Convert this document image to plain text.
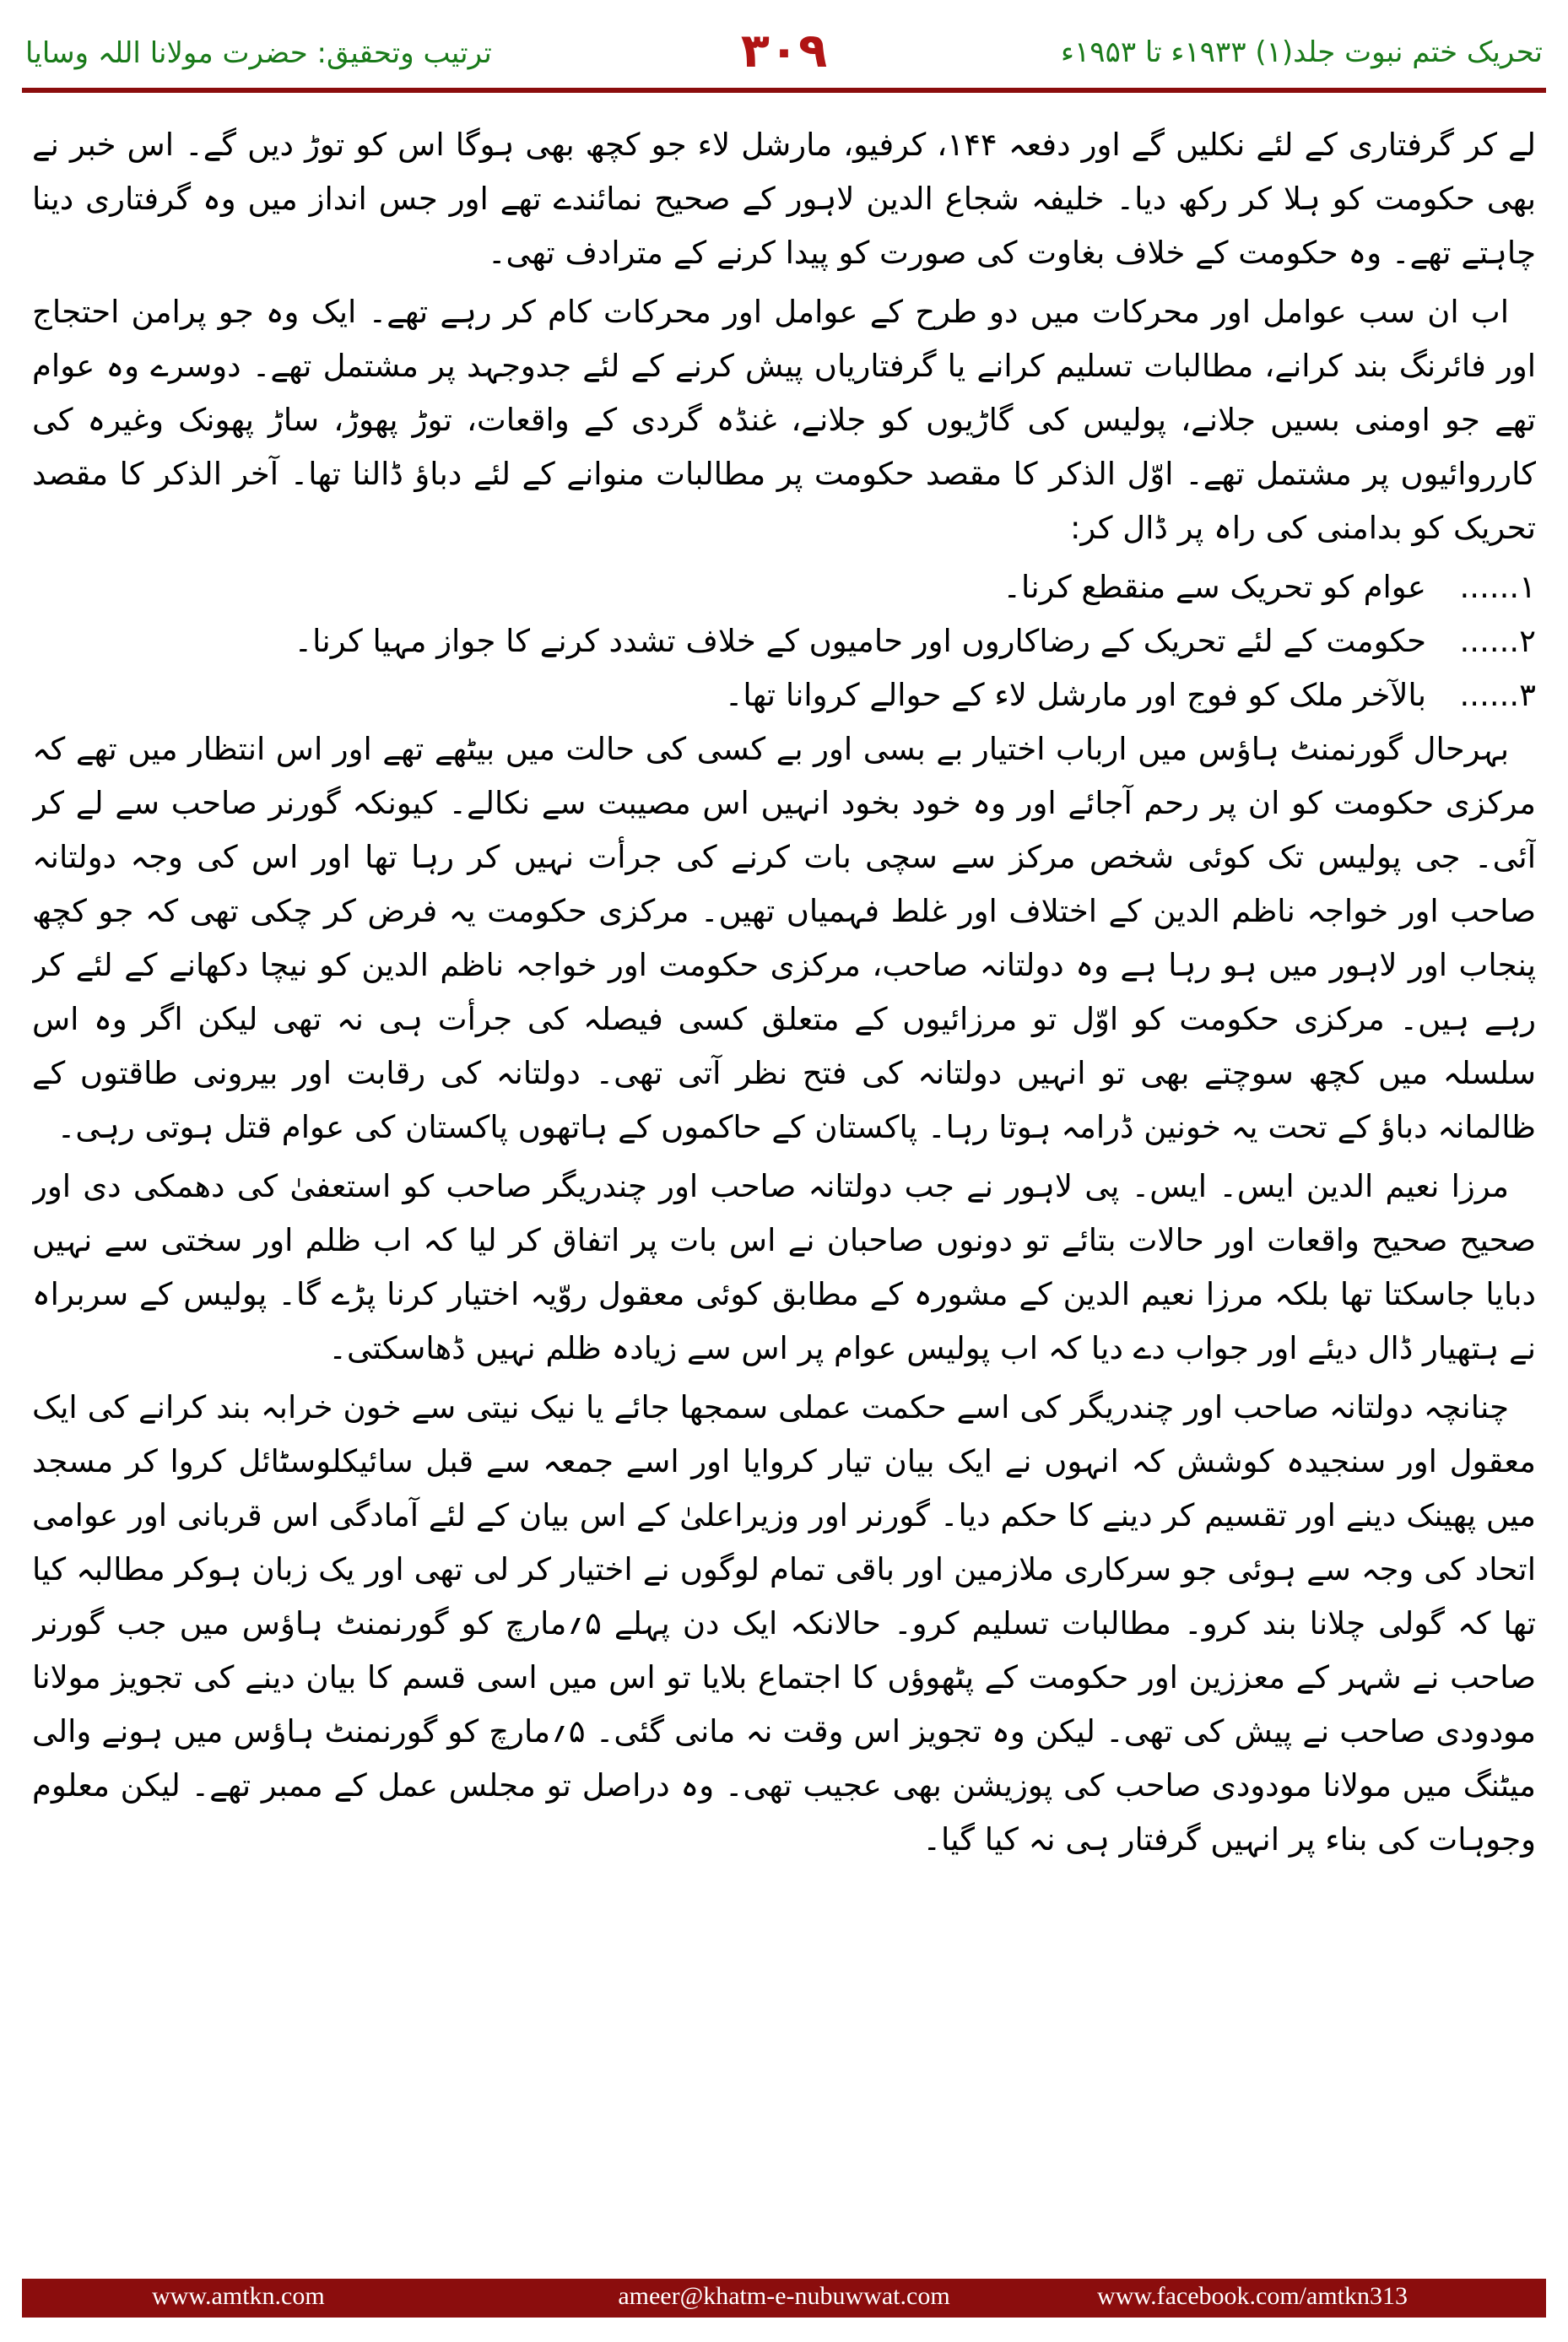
ترتیب وتحقیق: حضرت مولانا اللہ وسایا	۳۰۹	تحریک ختم نبوت جلد(۱) ۱۹۳۳ء تا ۱۹۵۳ء

لے کر گرفتاری کے لئے نکلیں گے اور دفعہ ۱۴۴، کرفیو، مارشل لاء جو کچھ بھی ہوگا اس کو توڑ دیں گے۔ اس خبر نے بھی حکومت کو ہلا کر رکھ دیا۔ خلیفہ شجاع الدین لاہور کے صحیح نمائندے تھے اور جس انداز میں وہ گرفتاری دینا چاہتے تھے۔ وہ حکومت کے خلاف بغاوت کی صورت کو پیدا کرنے کے مترادف تھی۔

اب ان سب عوامل اور محرکات میں دو طرح کے عوامل اور محرکات کام کر رہے تھے۔ ایک وہ جو پرامن احتجاج اور فائرنگ بند کرانے، مطالبات تسلیم کرانے یا گرفتاریاں پیش کرنے کے لئے جدوجہد پر مشتمل تھے۔ دوسرے وہ عوام تھے جو اومنی بسیں جلانے، پولیس کی گاڑیوں کو جلانے، غنڈہ گردی کے واقعات، توڑ پھوڑ، ساڑ پھونک وغیرہ کی کارروائیوں پر مشتمل تھے۔ اوّل الذکر کا مقصد حکومت پر مطالبات منوانے کے لئے دباؤ ڈالنا تھا۔ آخر الذکر کا مقصد تحریک کو بدامنی کی راہ پر ڈال کر:

۱......
عوام کو تحریک سے منقطع کرنا۔
۲......
حکومت کے لئے تحریک کے رضاکاروں اور حامیوں کے خلاف تشدد کرنے کا جواز مہیا کرنا۔
۳......
بالآخر ملک کو فوج اور مارشل لاء کے حوالے کروانا تھا۔

بہرحال گورنمنٹ ہاؤس میں ارباب اختیار بے بسی اور بے کسی کی حالت میں بیٹھے تھے اور اس انتظار میں تھے کہ مرکزی حکومت کو ان پر رحم آجائے اور وہ خود بخود انہیں اس مصیبت سے نکالے۔ کیونکہ گورنر صاحب سے لے کر آئی۔ جی پولیس تک کوئی شخص مرکز سے سچی بات کرنے کی جرأت نہیں کر رہا تھا اور اس کی وجہ دولتانہ صاحب اور خواجہ ناظم الدین کے اختلاف اور غلط فہمیاں تھیں۔ مرکزی حکومت یہ فرض کر چکی تھی کہ جو کچھ پنجاب اور لاہور میں ہو رہا ہے وہ دولتانہ صاحب، مرکزی حکومت اور خواجہ ناظم الدین کو نیچا دکھانے کے لئے کر رہے ہیں۔ مرکزی حکومت کو اوّل تو مرزائیوں کے متعلق کسی فیصلہ کی جرأت ہی نہ تھی لیکن اگر وہ اس سلسلہ میں کچھ سوچتے بھی تو انہیں دولتانہ کی فتح نظر آتی تھی۔ دولتانہ کی رقابت اور بیرونی طاقتوں کے ظالمانہ دباؤ کے تحت یہ خونین ڈرامہ ہوتا رہا۔ پاکستان کے حاکموں کے ہاتھوں پاکستان کی عوام قتل ہوتی رہی۔

مرزا نعیم الدین ایس۔ ایس۔ پی لاہور نے جب دولتانہ صاحب اور چندریگر صاحب کو استعفیٰ کی دھمکی دی اور صحیح صحیح واقعات اور حالات بتائے تو دونوں صاحبان نے اس بات پر اتفاق کر لیا کہ اب ظلم اور سختی سے نہیں دبایا جاسکتا تھا بلکہ مرزا نعیم الدین کے مشورہ کے مطابق کوئی معقول روّیہ اختیار کرنا پڑے گا۔ پولیس کے سربراہ نے ہتھیار ڈال دیئے اور جواب دے دیا کہ اب پولیس عوام پر اس سے زیادہ ظلم نہیں ڈھاسکتی۔

چنانچہ دولتانہ صاحب اور چندریگر کی اسے حکمت عملی سمجھا جائے یا نیک نیتی سے خون خرابہ بند کرانے کی ایک معقول اور سنجیدہ کوشش کہ انہوں نے ایک بیان تیار کروایا اور اسے جمعہ سے قبل سائیکلوسٹائل کروا کر مسجد میں پھینک دینے اور تقسیم کر دینے کا حکم دیا۔ گورنر اور وزیراعلیٰ کے اس بیان کے لئے آمادگی اس قربانی اور عوامی اتحاد کی وجہ سے ہوئی جو سرکاری ملازمین اور باقی تمام لوگوں نے اختیار کر لی تھی اور یک زبان ہوکر مطالبہ کیا تھا کہ گولی چلانا بند کرو۔ مطالبات تسلیم کرو۔ حالانکہ ایک دن پہلے ۵؍مارچ کو گورنمنٹ ہاؤس میں جب گورنر صاحب نے شہر کے معززین اور حکومت کے پٹھوؤں کا اجتماع بلایا تو اس میں اسی قسم کا بیان دینے کی تجویز مولانا مودودی صاحب نے پیش کی تھی۔ لیکن وہ تجویز اس وقت نہ مانی گئی۔ ۵؍مارچ کو گورنمنٹ ہاؤس میں ہونے والی میٹنگ میں مولانا مودودی صاحب کی پوزیشن بھی عجیب تھی۔ وہ دراصل تو مجلس عمل کے ممبر تھے۔ لیکن معلوم وجوہات کی بناء پر انہیں گرفتار ہی نہ کیا گیا۔

www.amtkn.com	ameer@khatm-e-nubuwwat.com	www.facebook.com/amtkn313
